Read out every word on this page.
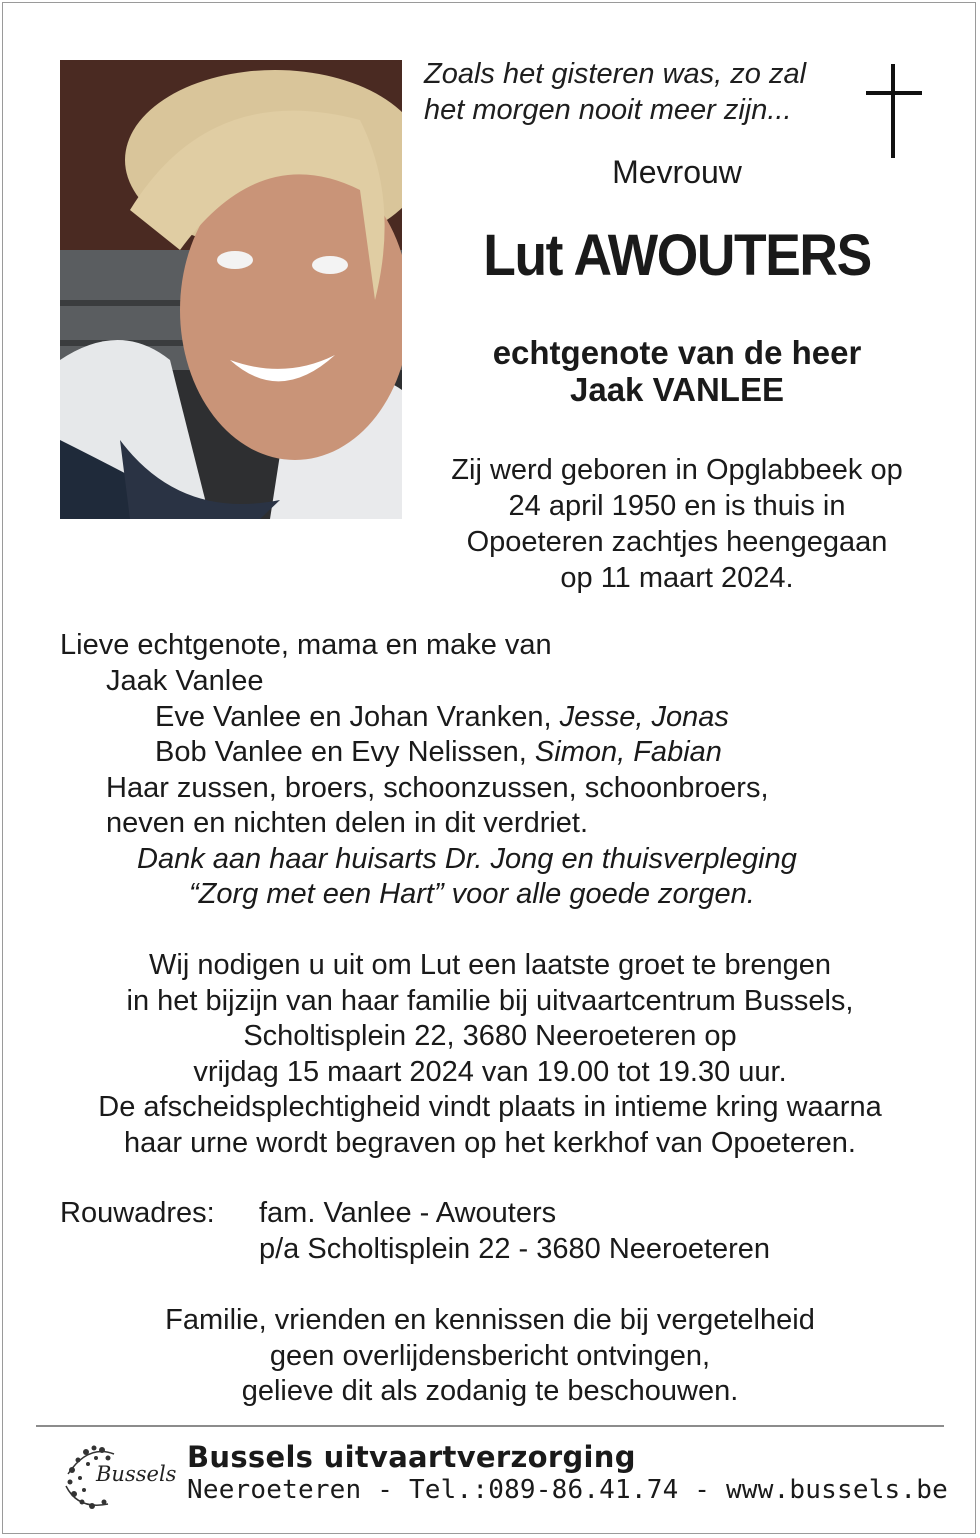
Zoals het gisteren was, zo zal
het morgen nooit meer zijn...
Mevrouw
Lut AWOUTERS
echtgenote van de heer
Jaak VANLEE
Zij werd geboren in Opglabbeek op
24 april 1950 en is thuis in
Opoeteren zachtjes heengegaan
op 11 maart 2024.
Lieve echtgenote, mama en make van
Jaak Vanlee
Eve Vanlee en Johan Vranken, Jesse, Jonas
Bob Vanlee en Evy Nelissen, Simon, Fabian
Haar zussen, broers, schoonzussen, schoonbroers,
neven en nichten delen in dit verdriet.
Dank aan haar huisarts Dr. Jong en thuisverpleging
“Zorg met een Hart” voor alle goede zorgen.
Wij nodigen u uit om Lut een laatste groet te brengen
in het bijzijn van haar familie bij uitvaartcentrum Bussels,
Scholtisplein 22, 3680 Neeroeteren op
vrijdag 15 maart 2024 van 19.00 tot 19.30 uur.
De afscheidsplechtigheid vindt plaats in intieme kring waarna
haar urne wordt begraven op het kerkhof van Opoeteren.
Rouwadres: fam. Vanlee - Awouters
p/a Scholtisplein 22 - 3680 Neeroeteren
Familie, vrienden en kennissen die bij vergetelheid
geen overlijdensbericht ontvingen,
gelieve dit als zodanig te beschouwen.
Bussels Bussels uitvaartverzorging
Neeroeteren - Tel.:089-86.41.74 - www.bussels.be
